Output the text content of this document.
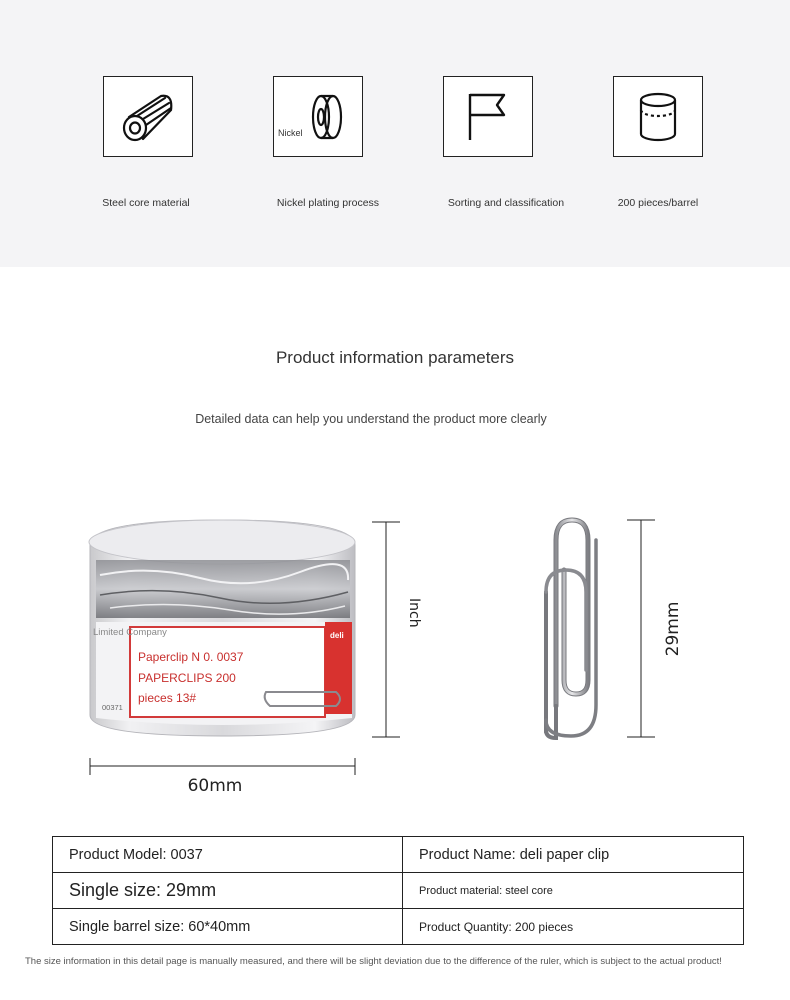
Steel core material
Nickel
Nickel plating process	Sorting and classification	200 pieces/barrel
Product information parameters
Detailed data can help you understand the product more clearly
Limited Company
Paperclip N 0. 0037
PAPERCLIPS 200
pieces 13#
deli
00371
60mm
Inch	29mm
Product Model: 0037	Product Name: deli paper clip
Single size: 29mm	Product material: steel core
Single barrel size: 60*40mm	Product Quantity: 200 pieces
The size information in this detail page is manually measured, and there will be slight deviation due to the difference of the ruler, which is subject to the actual product!
